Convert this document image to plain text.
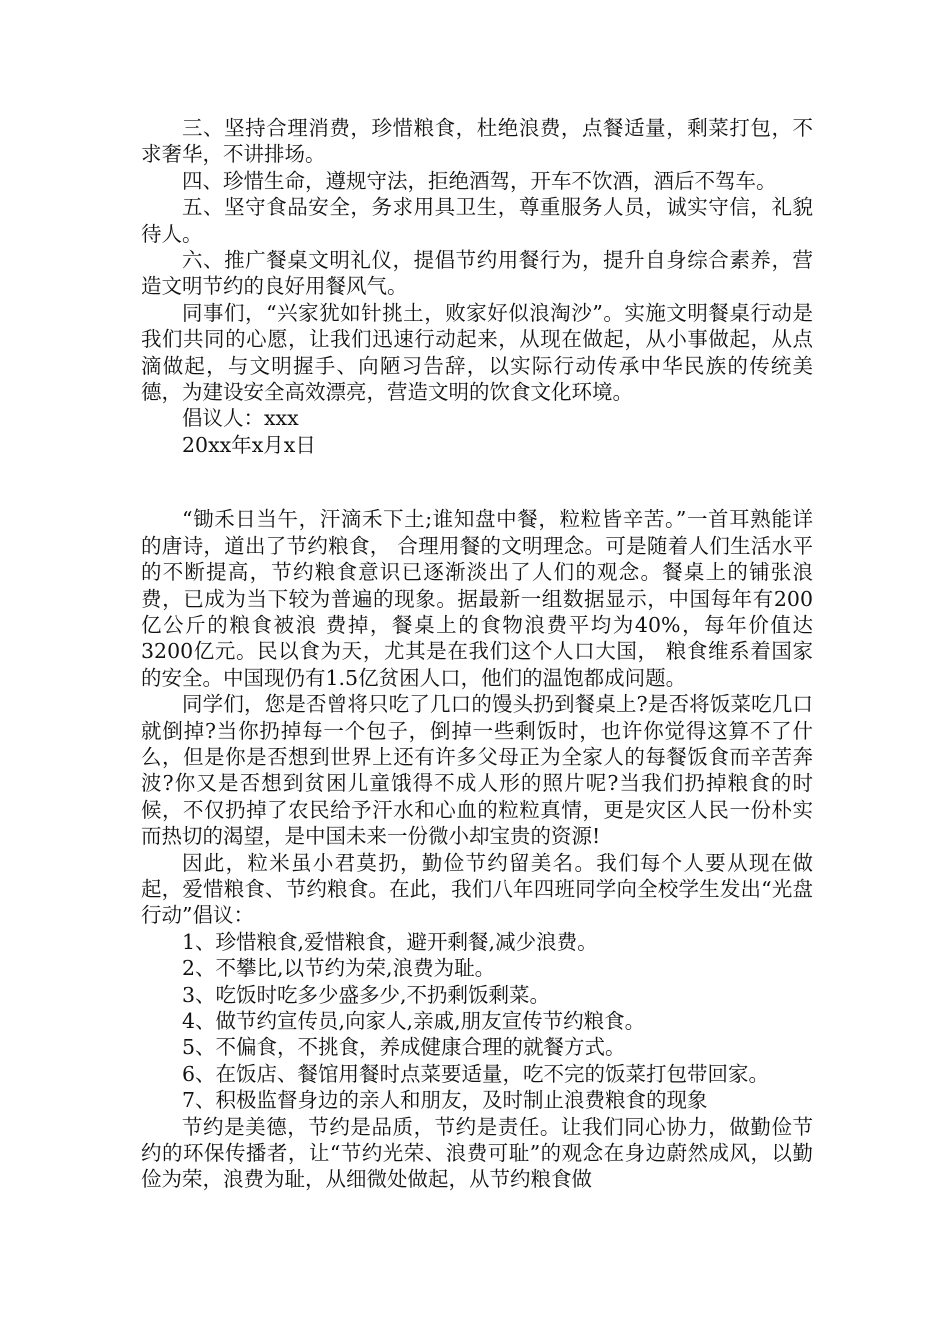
三、坚持合理消费，珍惜粮食，杜绝浪费，点餐适量，剩菜打包，不求奢华，不讲排场。

四、珍惜生命，遵规守法，拒绝酒驾，开车不饮酒，酒后不驾车。

五、坚守食品安全，务求用具卫生，尊重服务人员，诚实守信，礼貌待人。

六、推广餐桌文明礼仪，提倡节约用餐行为，提升自身综合素养，营造文明节约的良好用餐风气。

同事们，“兴家犹如针挑土，败家好似浪淘沙”。实施文明餐桌行动是我们共同的心愿，让我们迅速行动起来，从现在做起，从小事做起，从点滴做起，与文明握手、向陋习告辞，以实际行动传承中华民族的传统美德，为建设安全高效漂亮，营造文明的饮食文化环境。

倡议人：xxx

20xx年x月x日

“锄禾日当午，汗滴禾下土;谁知盘中餐，粒粒皆辛苦。”一首耳熟能详的唐诗，道出了节约粮食， 合理用餐的文明理念。可是随着人们生活水平的不断提高，节约粮食意识已逐渐淡出了人们的观念。餐桌上的铺张浪费，已成为当下较为普遍的现象。据最新一组数据显示，中国每年有200亿公斤的粮食被浪 费掉，餐桌上的食物浪费平均为40%，每年价值达3200亿元。民以食为天，尤其是在我们这个人口大国， 粮食维系着国家的安全。中国现仍有1.5亿贫困人口，他们的温饱都成问题。

同学们，您是否曾将只吃了几口的馒头扔到餐桌上?是否将饭菜吃几口就倒掉?当你扔掉每一个包子，倒掉一些剩饭时，也许你觉得这算不了什么，但是你是否想到世界上还有许多父母正为全家人的每餐饭食而辛苦奔波?你又是否想到贫困儿童饿得不成人形的照片呢?当我们扔掉粮食的时候，不仅扔掉了农民给予汗水和心血的粒粒真情，更是灾区人民一份朴实而热切的渴望，是中国未来一份微小却宝贵的资源!

因此，粒米虽小君莫扔，勤俭节约留美名。我们每个人要从现在做起，爱惜粮食、节约粮食。在此，我们八年四班同学向全校学生发出“光盘行动”倡议：

1、珍惜粮食,爱惜粮食，避开剩餐,减少浪费。

2、不攀比,以节约为荣,浪费为耻。

3、吃饭时吃多少盛多少,不扔剩饭剩菜。

4、做节约宣传员,向家人,亲戚,朋友宣传节约粮食。

5、不偏食，不挑食，养成健康合理的就餐方式。

6、在饭店、餐馆用餐时点菜要适量，吃不完的饭菜打包带回家。

7、积极监督身边的亲人和朋友，及时制止浪费粮食的现象

节约是美德，节约是品质，节约是责任。让我们同心协力，做勤俭节约的环保传播者，让“节约光荣、浪费可耻”的观念在身边蔚然成风，以勤俭为荣，浪费为耻，从细微处做起，从节约粮食做
